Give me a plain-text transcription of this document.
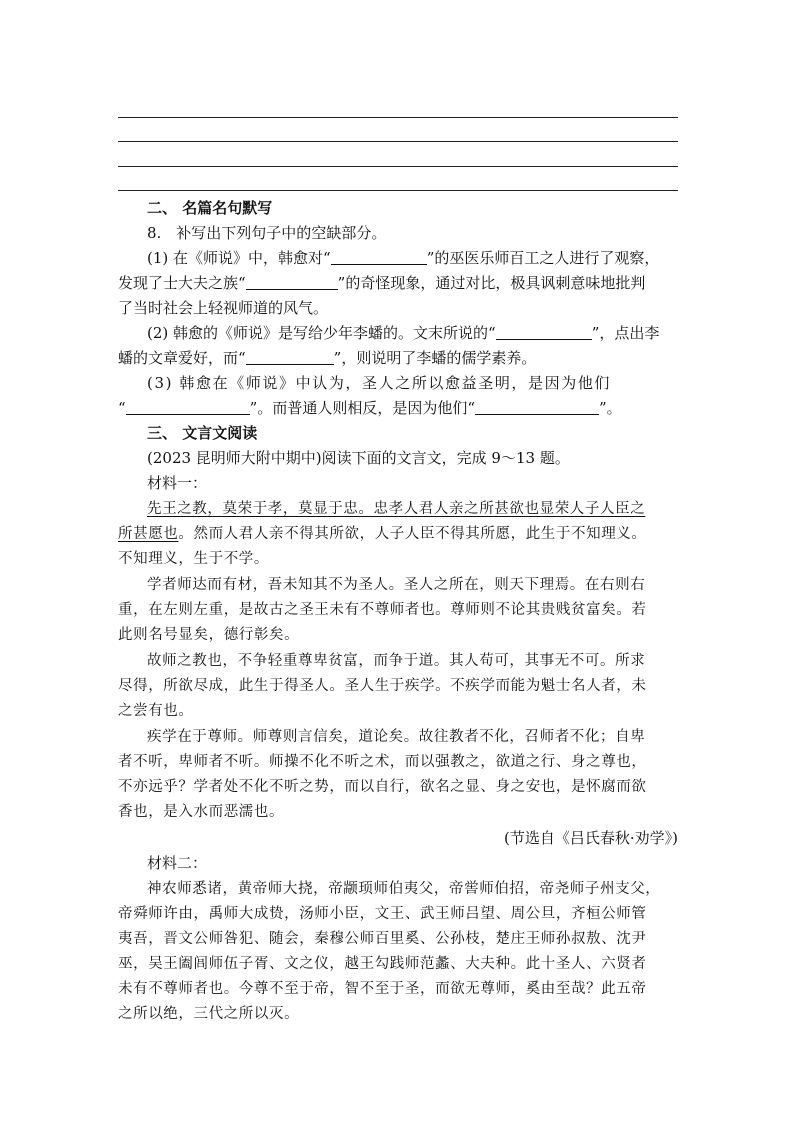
二、 名篇名句默写
8.　补写出下列句子中的空缺部分。
(1) 在《师说》中，韩愈对“	”的巫医乐师百工之人进行了观察，
发现了士大夫之族“	”的奇怪现象，通过对比，极具讽刺意味地批判
了当时社会上轻视师道的风气。
(2) 韩愈的《师说》是写给少年李蟠的。文末所说的“	”，点出李
蟠的文章爱好，而“	”，则说明了李蟠的儒学素养。
(3) 韩愈在《师说》中认为，圣人之所以愈益圣明，是因为他们
“	”。而普通人则相反，是因为他们“	”。
三、 文言文阅读
(2023 昆明师大附中期中)阅读下面的文言文，完成 9～13 题。
材料一：
先王之教，莫荣于孝，莫显于忠。忠孝人君人亲之所甚欲也显荣人子人臣之
所甚愿也。然而人君人亲不得其所欲，人子人臣不得其所愿，此生于不知理义。
不知理义，生于不学。
学者师达而有材，吾未知其不为圣人。圣人之所在，则天下理焉。在右则右
重，在左则左重，是故古之圣王未有不尊师者也。尊师则不论其贵贱贫富矣。若
此则名号显矣，德行彰矣。
故师之教也，不争轻重尊卑贫富，而争于道。其人苟可，其事无不可。所求
尽得，所欲尽成，此生于得圣人。圣人生于疾学。不疾学而能为魁士名人者，未
之尝有也。
疾学在于尊师。师尊则言信矣，道论矣。故往教者不化，召师者不化；自卑
者不听，卑师者不听。师操不化不听之术，而以强教之，欲道之行、身之尊也，
不亦远乎？学者处不化不听之势，而以自行，欲名之显、身之安也，是怀腐而欲
香也，是入水而恶濡也。
(节选自《吕氏春秋·劝学》)
材料二：
神农师悉诸，黄帝师大挠，帝颛顼师伯夷父，帝喾师伯招，帝尧师子州支父，
帝舜师许由，禹师大成贽，汤师小臣，文王、武王师吕望、周公旦，齐桓公师管
夷吾，晋文公师咎犯、随会，秦穆公师百里奚、公孙枝，楚庄王师孙叔敖、沈尹
巫，吴王阖闾师伍子胥、文之仪，越王勾践师范蠡、大夫种。此十圣人、六贤者
未有不尊师者也。今尊不至于帝，智不至于圣，而欲无尊师，奚由至哉？此五帝
之所以绝，三代之所以灭。
